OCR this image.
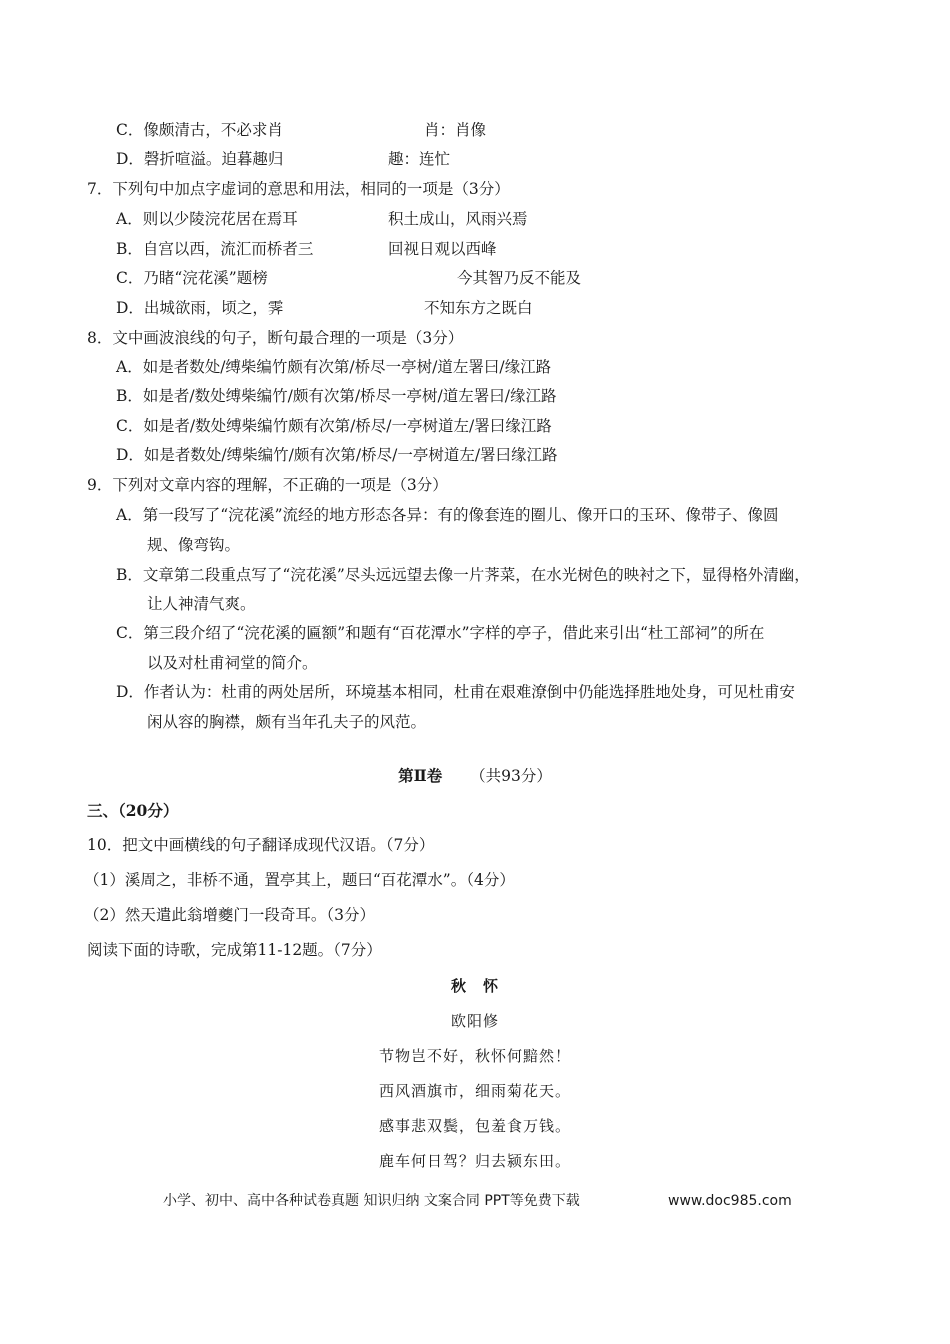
C．像颇清古，不必求肖	肖：肖像
D．磬折喧溢。迫暮趣归	趣：连忙
7．下列句中加点字虚词的意思和用法，相同的一项是（3分）
A．则以少陵浣花居在焉耳	积土成山，风雨兴焉
B．自宫以西，流汇而桥者三	回视日观以西峰
C．乃睹“浣花溪”题榜	今其智乃反不能及
D．出城欲雨，顷之，霁	不知东方之既白
8．文中画波浪线的句子，断句最合理的一项是（3分）
A．如是者数处/缚柴编竹颇有次第/桥尽一亭树/道左署曰/缘江路
B．如是者/数处缚柴编竹/颇有次第/桥尽一亭树/道左署曰/缘江路
C．如是者/数处缚柴编竹颇有次第/桥尽/一亭树道左/署曰缘江路
D．如是者数处/缚柴编竹/颇有次第/桥尽/一亭树道左/署曰缘江路
9．下列对文章内容的理解，不正确的一项是（3分）
A．第一段写了“浣花溪”流经的地方形态各异：有的像套连的圈儿、像开口的玉环、像带子、像圆
规、像弯钩。
B．文章第二段重点写了“浣花溪”尽头远远望去像一片荠菜，在水光树色的映衬之下，显得格外清幽，
让人神清气爽。
C．第三段介绍了“浣花溪的匾额”和题有“百花潭水”字样的亭子，借此来引出“杜工部祠”的所在
以及对杜甫祠堂的简介。
D．作者认为：杜甫的两处居所，环境基本相同，杜甫在艰难潦倒中仍能选择胜地处身，可见杜甫安
闲从容的胸襟，颇有当年孔夫子的风范。
第Ⅱ卷 （共93分）
三、（20分）
10．把文中画横线的句子翻译成现代汉语。（7分）
（1）溪周之，非桥不通，置亭其上，题曰“百花潭水”。（4分）
（2）然天遣此翁增夔门一段奇耳。（3分）
阅读下面的诗歌，完成第11-12题。（7分）
秋　怀
欧阳修
节物岂不好，秋怀何黯然！
西风酒旗市，细雨菊花天。
感事悲双鬓，包羞食万钱。
鹿车何日驾？归去颍东田。
小学、初中、高中各种试卷真题 知识归纳 文案合同 PPT等免费下载	www.doc985.com
